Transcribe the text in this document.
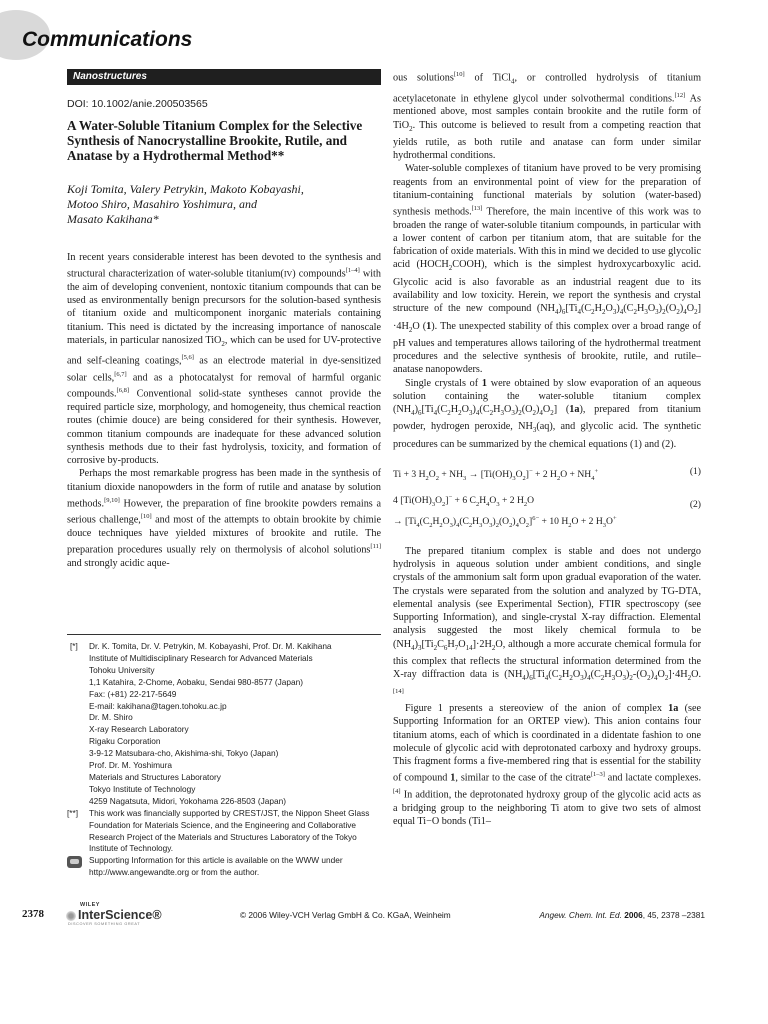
Communications
Nanostructures
DOI: 10.1002/anie.200503565
A Water-Soluble Titanium Complex for the Selective Synthesis of Nanocrystalline Brookite, Rutile, and Anatase by a Hydrothermal Method**
Koji Tomita, Valery Petrykin, Makoto Kobayashi,
Motoo Shiro, Masahiro Yoshimura, and
Masato Kakihana*

In recent years considerable interest has been devoted to the synthesis and structural characterization of water-soluble titanium(IV) compounds[1–4] with the aim of developing convenient, nontoxic titanium compounds that can be used as environmentally benign precursors for the solution-based synthesis of titanium oxide and multicomponent inorganic materials containing titanium. This need is dictated by the increasing importance of nanoscale materials, in particular nanosized TiO$_2$, which can be used for UV-protective and self-cleaning coatings,[5,6] as an electrode material in dye-sensitized solar cells,[6,7] and as a photocatalyst for removal of harmful organic compounds.[6,8] Conventional solid-state syntheses cannot provide the required particle size, morphology, and homogeneity, thus chemical reaction routes (chimie douce) are being considered for their synthesis. However, common titanium compounds are inadequate for these advanced solution synthesis methods due to their fast hydrolysis, toxicity, and formation of corrosive by-products.

Perhaps the most remarkable progress has been made in the synthesis of titanium dioxide nanopowders in the form of rutile and anatase by solution methods.[9,10] However, the preparation of fine brookite powders remains a serious challenge,[10] and most of the attempts to obtain brookite by chimie douce techniques have yielded mixtures of brookite and rutile. The preparation procedures usually rely on thermolysis of alcohol solutions[11] and strongly acidic aque-

[*] Dr. K. Tomita, Dr. V. Petrykin, M. Kobayashi, Prof. Dr. M. Kakihana
Institute of Multidisciplinary Research for Advanced Materials
Tohoku University
1,1 Katahira, 2-Chome, Aobaku, Sendai 980-8577 (Japan)
Fax: (+81) 22-217-5649
E-mail: kakihana@tagen.tohoku.ac.jp
Dr. M. Shiro
X-ray Research Laboratory
Rigaku Corporation
3-9-12 Matsubara-cho, Akishima-shi, Tokyo (Japan)
Prof. Dr. M. Yoshimura
Materials and Structures Laboratory
Tokyo Institute of Technology
4259 Nagatsuta, Midori, Yokohama 226-8503 (Japan)
[**] This work was financially supported by CREST/JST, the Nippon Sheet Glass Foundation for Materials Science, and the Engineering and Collaborative Research Project of the Materials and Structures Laboratory of the Tokyo Institute of Technology.
Supporting Information for this article is available on the WWW under http://www.angewandte.org or from the author.

ous solutions[10] of TiCl$_4$, or controlled hydrolysis of titanium acetylacetonate in ethylene glycol under solvothermal conditions.[12] As mentioned above, most samples contain brookite and the rutile form of TiO$_2$. This outcome is believed to result from a competing reaction that yields rutile, as both rutile and anatase can form under similar hydrothermal conditions.

Water-soluble complexes of titanium have proved to be very promising reagents from an environmental point of view for the preparation of titanium-containing functional materials by solution (water-based) synthesis methods.[13] Therefore, the main incentive of this work was to broaden the range of water-soluble titanium compounds, in particular with a lower content of carbon per titanium atom, that are suitable for the fabrication of oxide materials. With this in mind we decided to use glycolic acid $(HOCH_2COOH)$, which is the simplest hydroxycarboxylic acid. Glycolic acid is also favorable as an industrial reagent due to its availability and low toxicity. Herein, we report the synthesis and crystal structure of the new compound $(NH_4)_6[Ti_4(C_2H_2O_3)_4(C_2H_3O_3)_2(O_2)_4O_2] \cdot 4H_2O$ (1). The unexpected stability of this complex over a broad range of pH values and temperatures allows tailoring of the hydrothermal treatment procedures and the selective synthesis of brookite, rutile, and rutile–anatase nanopowders.

Single crystals of 1 were obtained by slow evaporation of an aqueous solution containing the water-soluble titanium complex $(NH_4)_6[Ti_4(C_2H_2O_3)_4(C_2H_3O_3)_2(O_2)_4O_2]$ (1a), prepared from titanium powder, hydrogen peroxide, $NH_3(aq)$, and glycolic acid. The synthetic procedures can be summarized by the chemical equations (1) and (2).

Ti + 3 $H_2O_2 + NH_3 \to [Ti(OH)_3O_2]^- + 2$ $H_2O + NH_4^+$	(1)
4 $[Ti(OH)_3O_2]^- + 6$ $C_2H_4O_3 + 2$ $H_2O$
→ $[Ti_4(C_2H_2O_3)_4(C_2H_3O_3)_2(O_2)_4O_2]^{6-} + 10$ $H_2O + 2$ $H_3O^+$
(2)

The prepared titanium complex is stable and does not undergo hydrolysis in aqueous solution under ambient conditions, and single crystals of the ammonium salt form upon gradual evaporation of the water. The crystals were separated from the solution and analyzed by TG-DTA, elemental analysis (see Experimental Section), FTIR spectroscopy (see Supporting Information), and single-crystal X-ray diffraction. Elemental analysis suggested the most likely chemical formula to be $(NH_4)_3[Ti_2C_6H_7O_{14}]\cdot 2H_2O$, although a more accurate chemical formula for this complex that reflects the structural information determined from the X-ray diffraction data is $(NH_4)_6[Ti_4(C_2H_2O_3)_4(C_2H_3O_3)_2-(O_2)_4O_2]\cdot 4H_2O.[14]$

Figure 1 presents a stereoview of the anion of complex 1a (see Supporting Information for an ORTEP view). This anion contains four titanium atoms, each of which is coordinated in a didentate fashion to one molecule of glycolic acid with deprotonated carboxy and hydroxy groups. This fragment forms a five-membered ring that is essential for the stability of compound 1, similar to the case of the citrate[1–3] and lactate complexes.[4] In addition, the deprotonated hydroxy group of the glycolic acid acts as a bridging group to the neighboring Ti atom to give two sets of almost equal Ti−O bonds (Ti1–

2378
WILEY
InterScience®
DISCOVER SOMETHING GREAT
© 2006 Wiley-VCH Verlag GmbH & Co. KGaA, Weinheim	Angew. Chem. Int. Ed. 2006, 45, 2378 –2381
